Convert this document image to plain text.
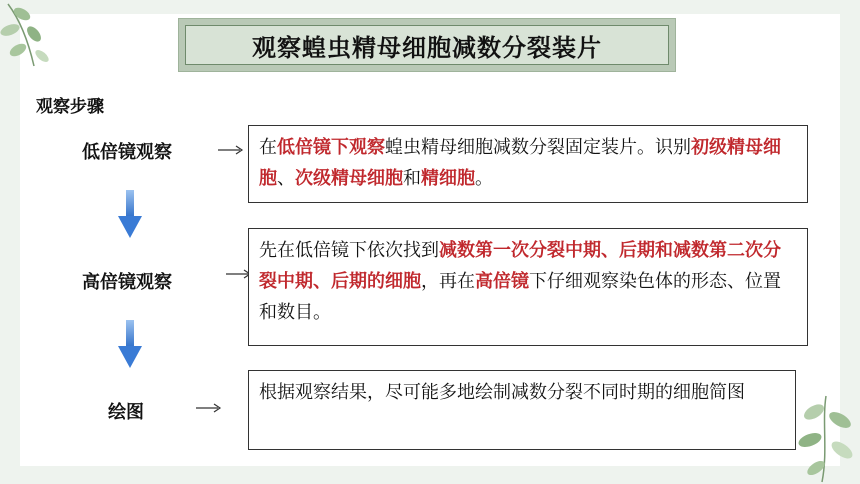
观察蝗虫精母细胞减数分裂装片
观察步骤
低倍镜观察
高倍镜观察
绘图
在低倍镜下观察蝗虫精母细胞减数分裂固定装片。识别初级精母细胞、次级精母细胞和精细胞。
先在低倍镜下依次找到减数第一次分裂中期、后期和减数第二次分裂中期、后期的细胞，再在高倍镜下仔细观察染色体的形态、位置和数目。
根据观察结果，尽可能多地绘制减数分裂不同时期的细胞简图
